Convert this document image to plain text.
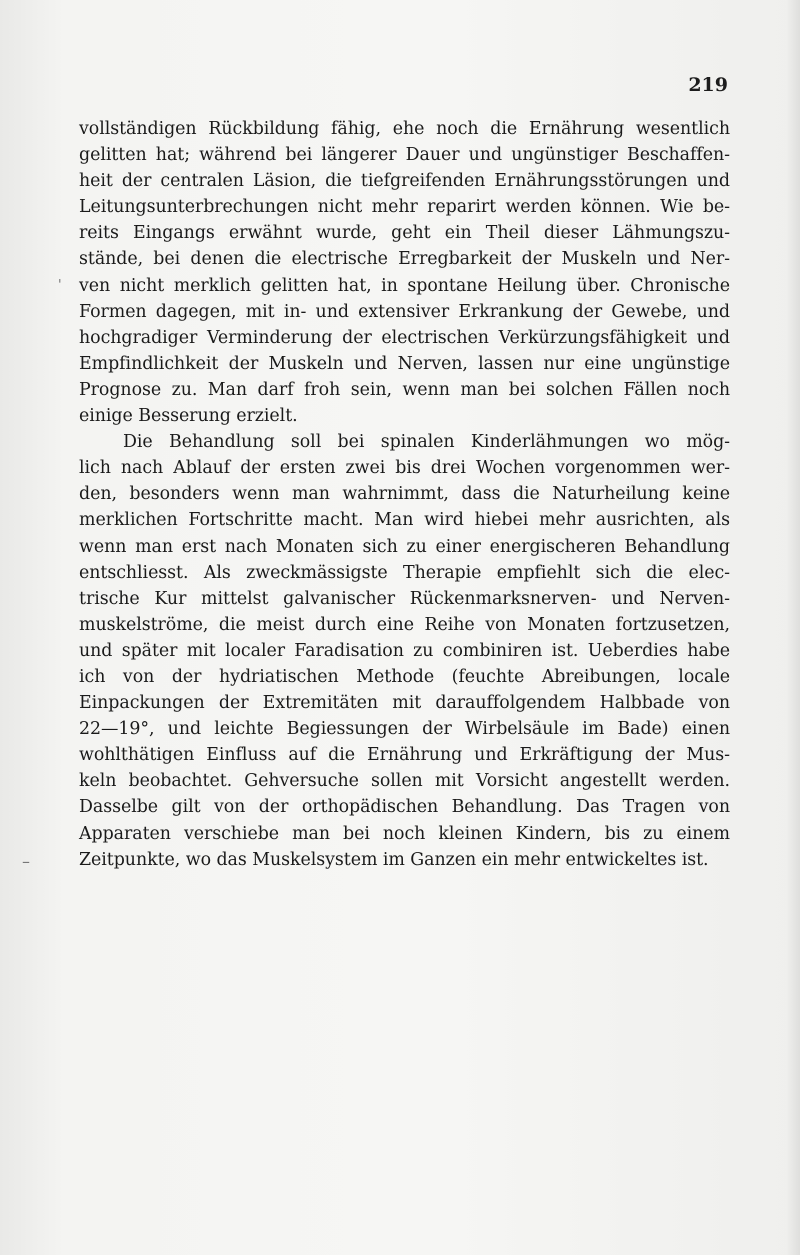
219

vollständigen Rückbildung fähig, ehe noch die Ernährung wesentlich
gelitten hat; während bei längerer Dauer und ungünstiger Beschaffen-
heit der centralen Läsion, die tiefgreifenden Ernährungsstörungen und
Leitungsunterbrechungen nicht mehr reparirt werden können. Wie be-
reits Eingangs erwähnt wurde, geht ein Theil dieser Lähmungszu-
stände, bei denen die electrische Erregbarkeit der Muskeln und Ner-
ven nicht merklich gelitten hat, in spontane Heilung über. Chronische
Formen dagegen, mit in- und extensiver Erkrankung der Gewebe, und
hochgradiger Verminderung der electrischen Verkürzungsfähigkeit und
Empfindlichkeit der Muskeln und Nerven, lassen nur eine ungünstige
Prognose zu. Man darf froh sein, wenn man bei solchen Fällen noch
einige Besserung erzielt.

Die Behandlung soll bei spinalen Kinderlähmungen wo mög-
lich nach Ablauf der ersten zwei bis drei Wochen vorgenommen wer-
den, besonders wenn man wahrnimmt, dass die Naturheilung keine
merklichen Fortschritte macht. Man wird hiebei mehr ausrichten, als
wenn man erst nach Monaten sich zu einer energischeren Behandlung
entschliesst. Als zweckmässigste Therapie empfiehlt sich die elec-
trische Kur mittelst galvanischer Rückenmarksnerven- und Nerven-
muskelströme, die meist durch eine Reihe von Monaten fortzusetzen,
und später mit localer Faradisation zu combiniren ist. Ueberdies habe
ich von der hydriatischen Methode (feuchte Abreibungen, locale
Einpackungen der Extremitäten mit darauffolgendem Halbbade von
22—19°, und leichte Begiessungen der Wirbelsäule im Bade) einen
wohlthätigen Einfluss auf die Ernährung und Erkräftigung der Mus-
keln beobachtet. Gehversuche sollen mit Vorsicht angestellt werden.
Dasselbe gilt von der orthopädischen Behandlung. Das Tragen von
Apparaten verschiebe man bei noch kleinen Kindern, bis zu einem
Zeitpunkte, wo das Muskelsystem im Ganzen ein mehr entwickeltes ist.

'
–
